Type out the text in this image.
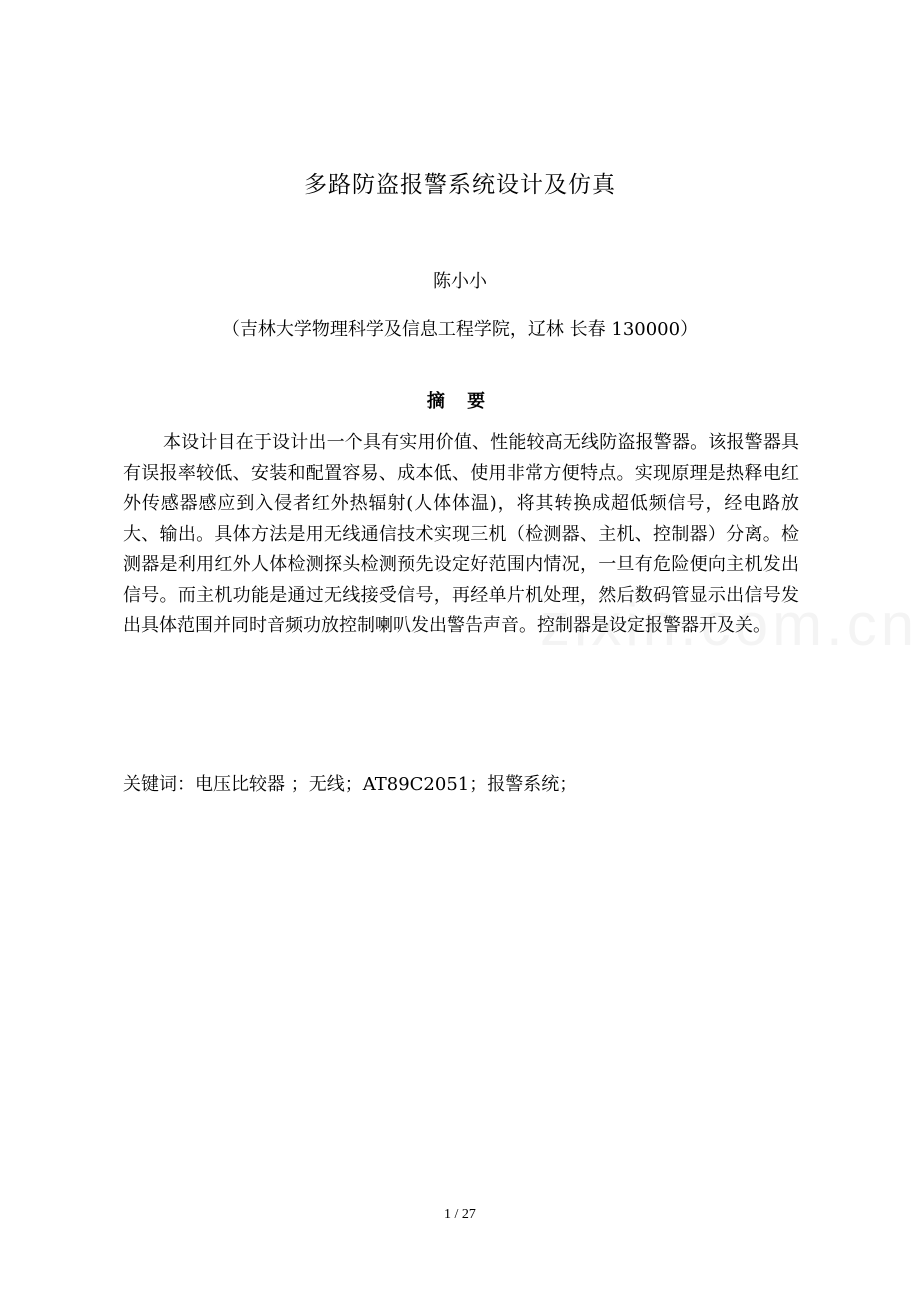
多路防盗报警系统设计及仿真
陈小小
（吉林大学物理科学及信息工程学院，辽林 长春 130000）
摘 要

本设计目在于设计出一个具有实用价值、性能较高无线防盗报警器。该报警器具有误报率较低、安装和配置容易、成本低、使用非常方便特点。实现原理是热释电红外传感器感应到入侵者红外热辐射(人体体温)，将其转换成超低频信号，经电路放大、输出。具体方法是用无线通信技术实现三机（检测器、主机、控制器）分离。检测器是利用红外人体检测探头检测预先设定好范围内情况，一旦有危险便向主机发出信号。而主机功能是通过无线接受信号，再经单片机处理，然后数码管显示出信号发出具体范围并同时音频功放控制喇叭发出警告声音。控制器是设定报警器开及关。

关键词：电压比较器 ；无线；AT89C2051；报警系统；
1 / 27
